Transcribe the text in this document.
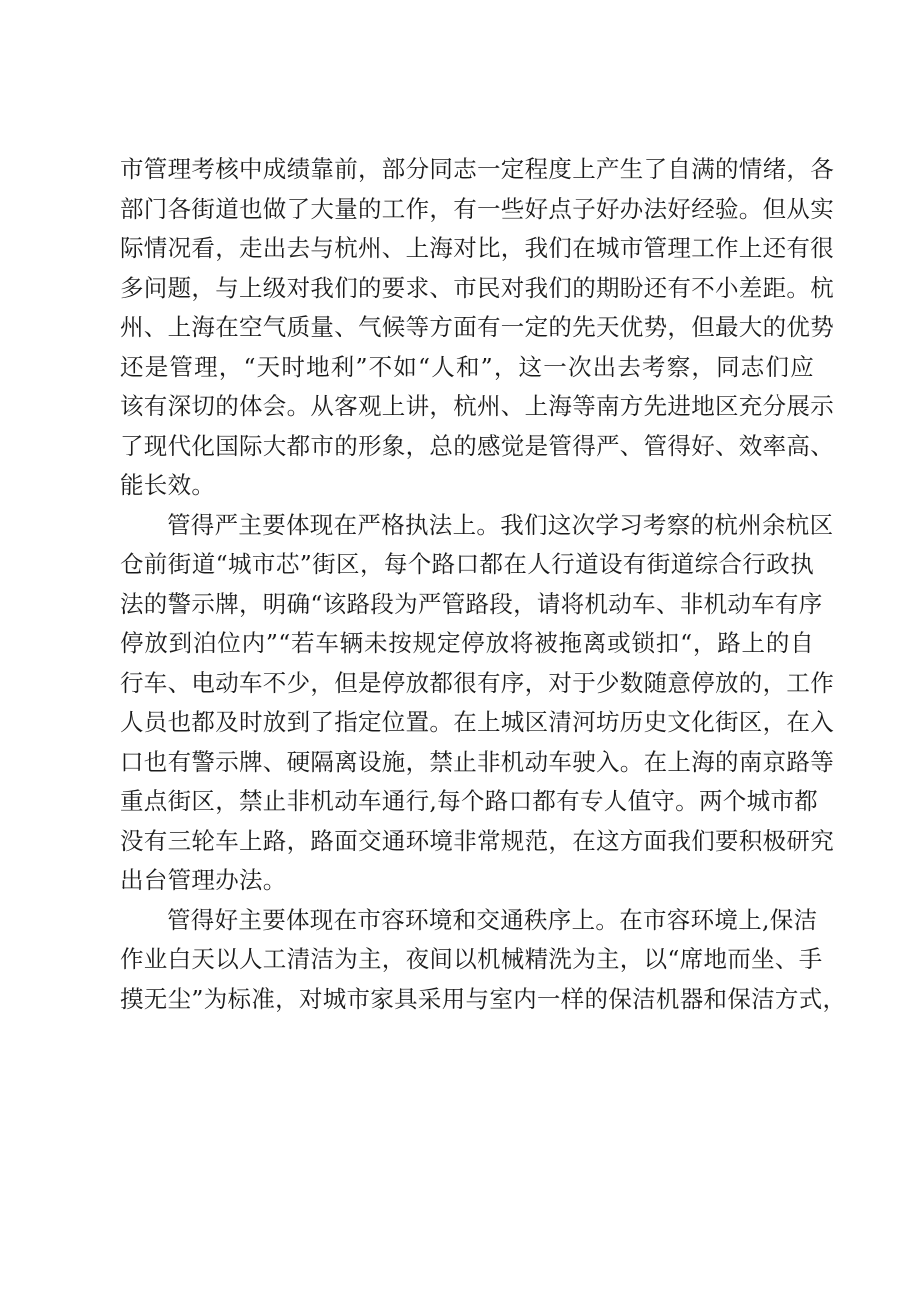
市管理考核中成绩靠前，部分同志一定程度上产生了自满的情绪，各
部门各街道也做了大量的工作，有一些好点子好办法好经验。但从实
际情况看，走出去与杭州、上海对比，我们在城市管理工作上还有很
多问题，与上级对我们的要求、市民对我们的期盼还有不小差距。杭
州、上海在空气质量、气候等方面有一定的先天优势，但最大的优势
还是管理，“天时地利”不如“人和”，这一次出去考察，同志们应
该有深切的体会。从客观上讲，杭州、上海等南方先进地区充分展示
了现代化国际大都市的形象，总的感觉是管得严、管得好、效率高、
能长效。
管得严主要体现在严格执法上。我们这次学习考察的杭州余杭区
仓前街道“城市芯”街区，每个路口都在人行道设有街道综合行政执
法的警示牌，明确“该路段为严管路段，请将机动车、非机动车有序
停放到泊位内”“若车辆未按规定停放将被拖离或锁扣“，路上的自
行车、电动车不少，但是停放都很有序，对于少数随意停放的，工作
人员也都及时放到了指定位置。在上城区清河坊历史文化街区，在入
口也有警示牌、硬隔离设施，禁止非机动车驶入。在上海的南京路等
重点街区，禁止非机动车通行,每个路口都有专人值守。两个城市都
没有三轮车上路，路面交通环境非常规范，在这方面我们要积极研究
出台管理办法。
管得好主要体现在市容环境和交通秩序上。在市容环境上,保洁
作业白天以人工清洁为主，夜间以机械精洗为主，以“席地而坐、手
摸无尘”为标准，对城市家具采用与室内一样的保洁机器和保洁方式，
